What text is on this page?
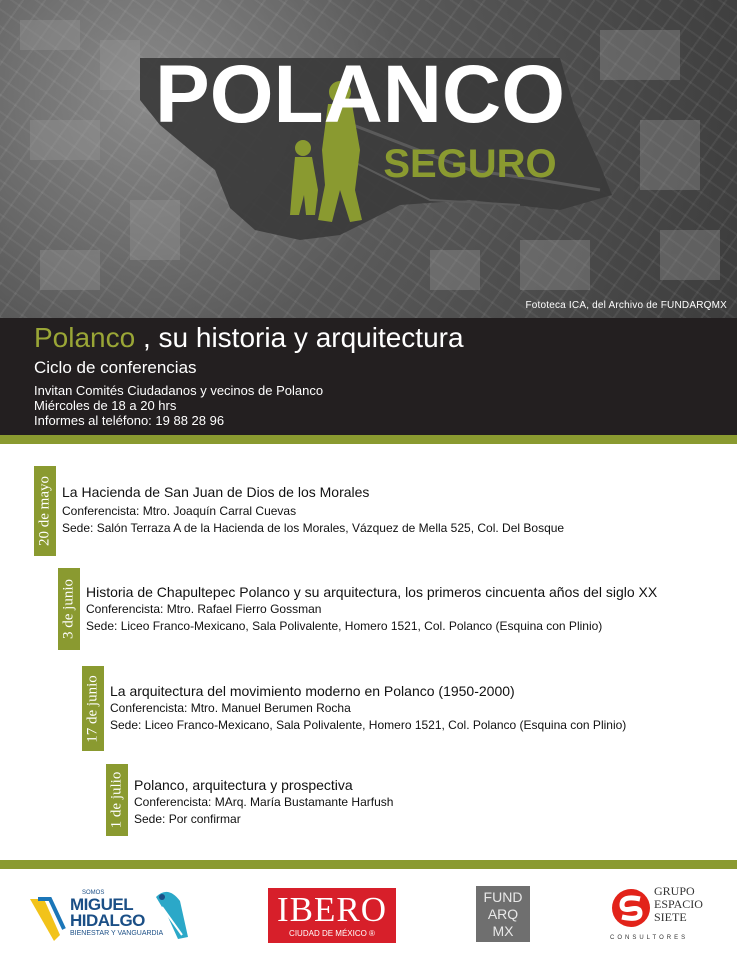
POLANCO
SEGURO
Fototeca ICA, del Archivo de FUNDARQMX
Polanco , su historia y arquitectura
Ciclo de conferencias
Invitan Comités Ciudadanos y vecinos de Polanco
Miércoles de 18 a 20 hrs
Informes al teléfono: 19 88 28 96
20 de mayo La Hacienda de San Juan de Dios de los Morales
Conferencista: Mtro. Joaquín Carral Cuevas
Sede: Salón Terraza A de la Hacienda de los Morales, Vázquez de Mella 525, Col. Del Bosque
3 de junio Historia de Chapultepec Polanco y su arquitectura, los primeros cincuenta años del siglo XX
Conferencista: Mtro. Rafael Fierro Gossman
Sede: Liceo Franco-Mexicano, Sala Polivalente, Homero 1521, Col. Polanco (Esquina con Plinio)
17 de junio La arquitectura del movimiento moderno en Polanco (1950-2000)
Conferencista: Mtro. Manuel Berumen Rocha
Sede: Liceo Franco-Mexicano, Sala Polivalente, Homero 1521, Col. Polanco (Esquina con Plinio)
1 de julio Polanco, arquitectura y prospectiva
Conferencista: MArq. María Bustamante Harfush
Sede: Por confirmar
SOMOS
MIGUEL
HIDALGO
BIENESTAR Y VANGUARDIA
IBERO
CIUDAD DE MÉXICO ®
FUND
ARQ
MX
GRUPO
ESPACIO
SIETE
CONSULTORES
